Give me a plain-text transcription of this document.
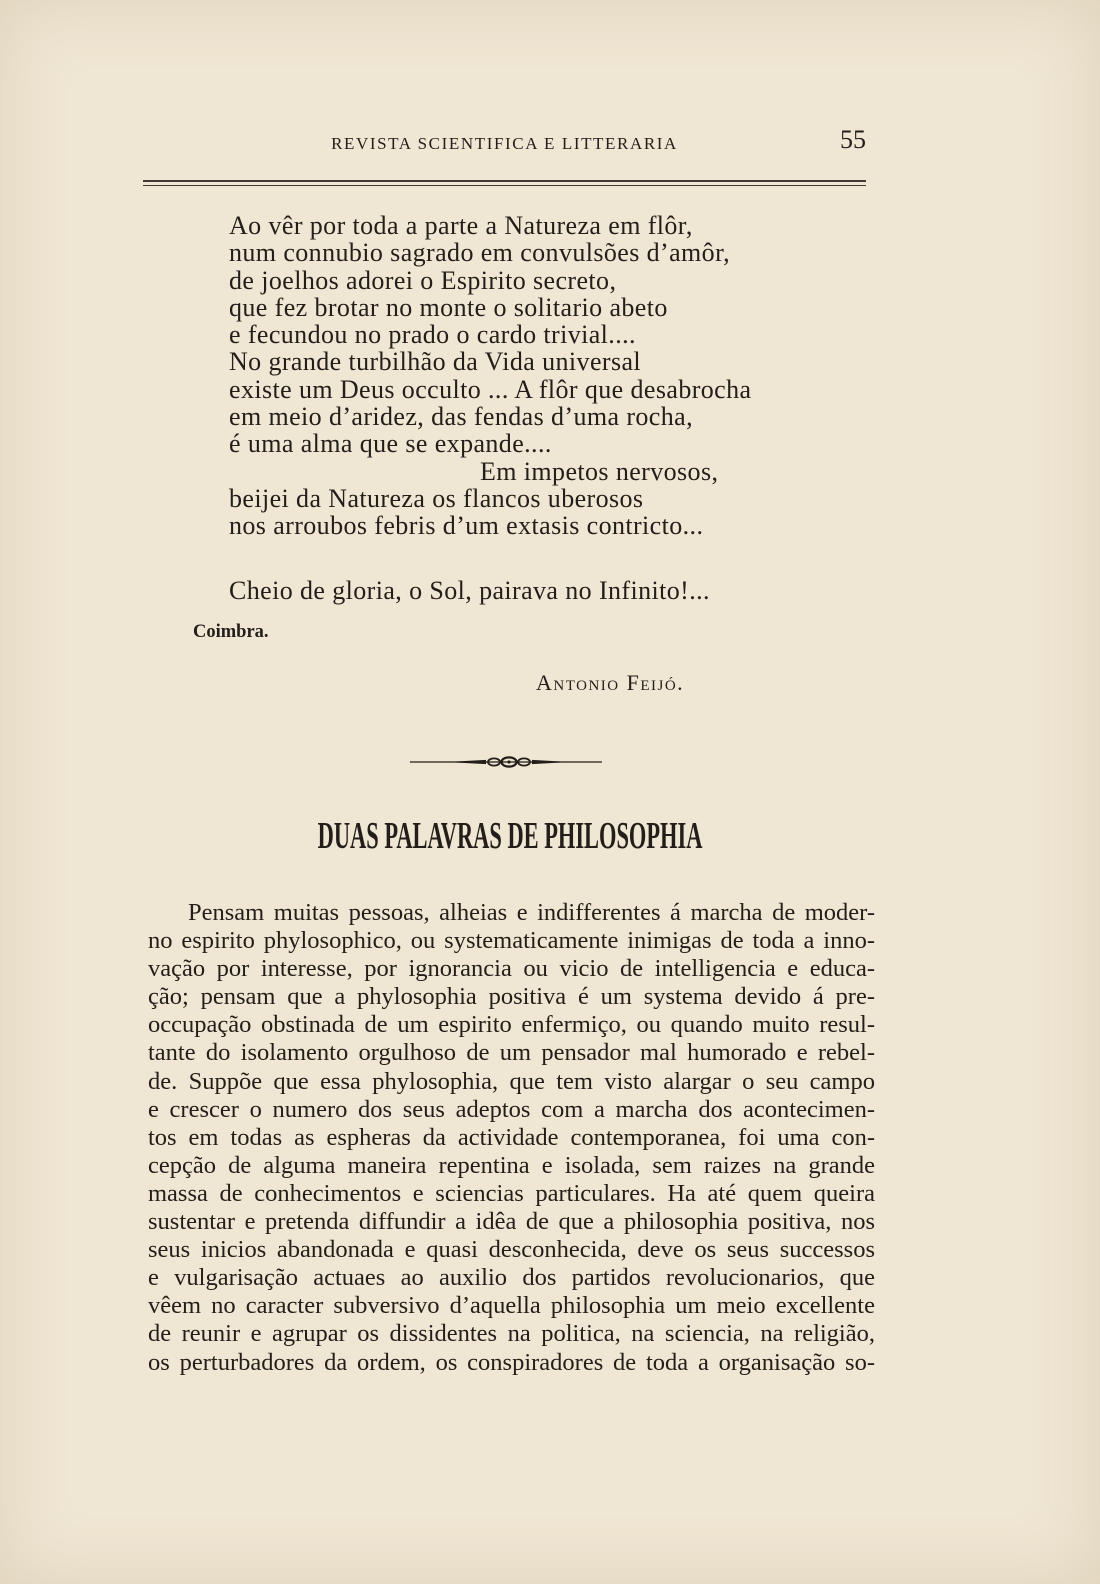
REVISTA SCIENTIFICA E LITTERARIA	55
Ao vêr por toda a parte a Natureza em flôr,
num connubio sagrado em convulsões d’amôr,
de joelhos adorei o Espirito secreto,
que fez brotar no monte o solitario abeto
e fecundou no prado o cardo trivial....
No grande turbilhão da Vida universal
existe um Deus occulto ... A flôr que desabrocha
em meio d’aridez, das fendas d’uma rocha,
é uma alma que se expande....
Em impetos nervosos,
beijei da Natureza os flancos uberosos
nos arroubos febris d’um extasis contricto...
Cheio de gloria, o Sol, pairava no Infinito!...
Coimbra.
Antonio Feijó.
DUAS PALAVRAS DE PHILOSOPHIA
Pensam muitas pessoas, alheias e indifferentes á marcha de moder-
no espirito phylosophico, ou systematicamente inimigas de toda a inno-
vação por interesse, por ignorancia ou vicio de intelligencia e educa-
ção; pensam que a phylosophia positiva é um systema devido á pre-
occupação obstinada de um espirito enfermiço, ou quando muito resul-
tante do isolamento orgulhoso de um pensador mal humorado e rebel-
de. Suppõe que essa phylosophia, que tem visto alargar o seu campo
e crescer o numero dos seus adeptos com a marcha dos acontecimen-
tos em todas as espheras da actividade contemporanea, foi uma con-
cepção de alguma maneira repentina e isolada, sem raizes na grande
massa de conhecimentos e sciencias particulares. Ha até quem queira
sustentar e pretenda diffundir a idêa de que a philosophia positiva, nos
seus inicios abandonada e quasi desconhecida, deve os seus successos
e vulgarisação actuaes ao auxilio dos partidos revolucionarios, que
vêem no caracter subversivo d’aquella philosophia um meio excellente
de reunir e agrupar os dissidentes na politica, na sciencia, na religião,
os perturbadores da ordem, os conspiradores de toda a organisação so-
